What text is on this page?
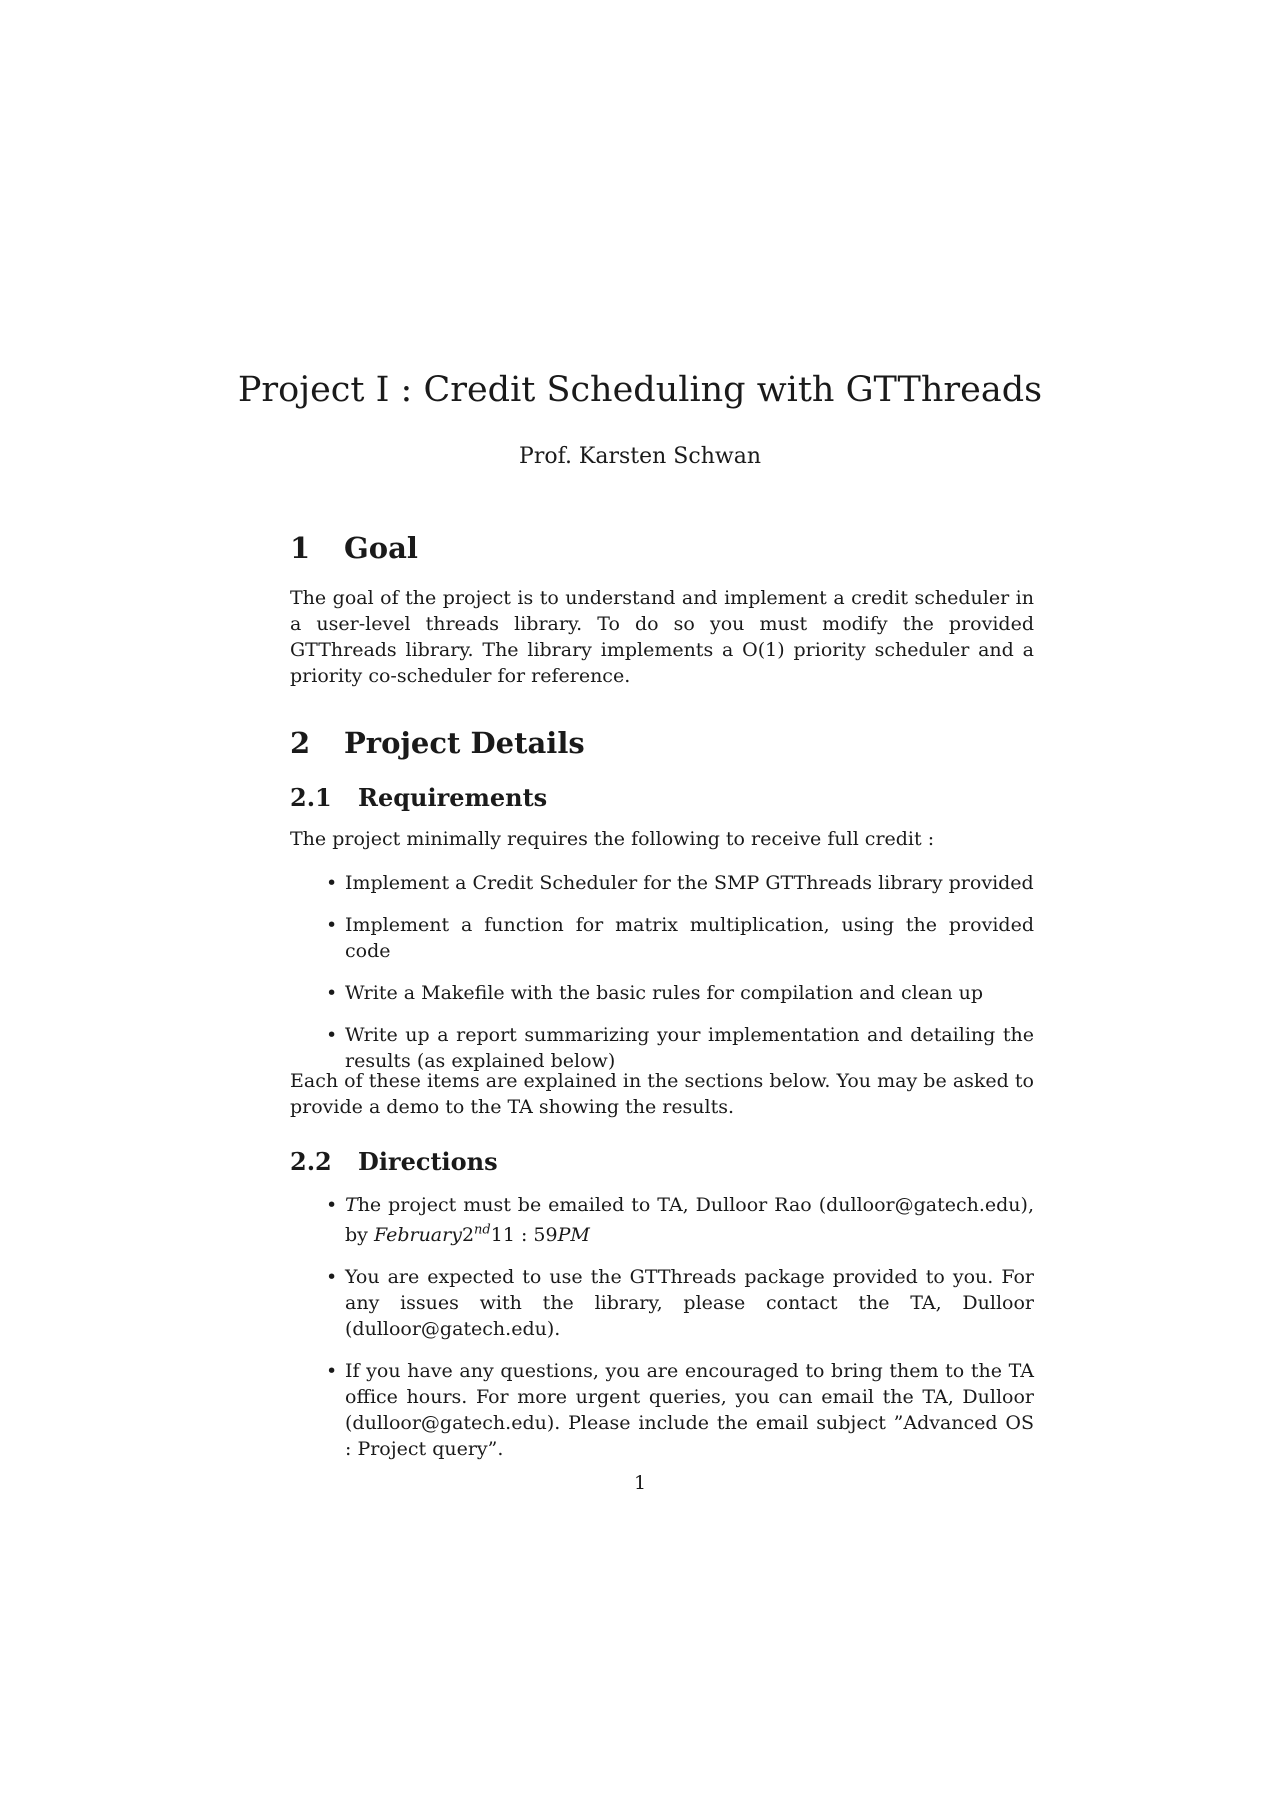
Project I : Credit Scheduling with GTThreads
Prof. Karsten Schwan
1 Goal

The goal of the project is to understand and implement a credit scheduler in a user-level threads library. To do so you must modify the provided GTThreads library. The library implements a O(1) priority scheduler and a priority co-scheduler for reference.

2 Project Details
2.1 Requirements

The project minimally requires the following to receive full credit :

• Implement a Credit Scheduler for the SMP GTThreads library provided
• Implement a function for matrix multiplication, using the provided code
• Write a Makefile with the basic rules for compilation and clean up
• Write up a report summarizing your implementation and detailing the results (as explained below)

Each of these items are explained in the sections below. You may be asked to provide a demo to the TA showing the results.

2.2 Directions
• The project must be emailed to TA, Dulloor Rao (dulloor@gatech.edu), by February2nd11 : 59PM
• You are expected to use the GTThreads package provided to you. For any issues with the library, please contact the TA, Dulloor (dulloor@gatech.edu).
• If you have any questions, you are encouraged to bring them to the TA office hours. For more urgent queries, you can email the TA, Dulloor (dulloor@gatech.edu). Please include the email subject ”Advanced OS : Project query”.
1
